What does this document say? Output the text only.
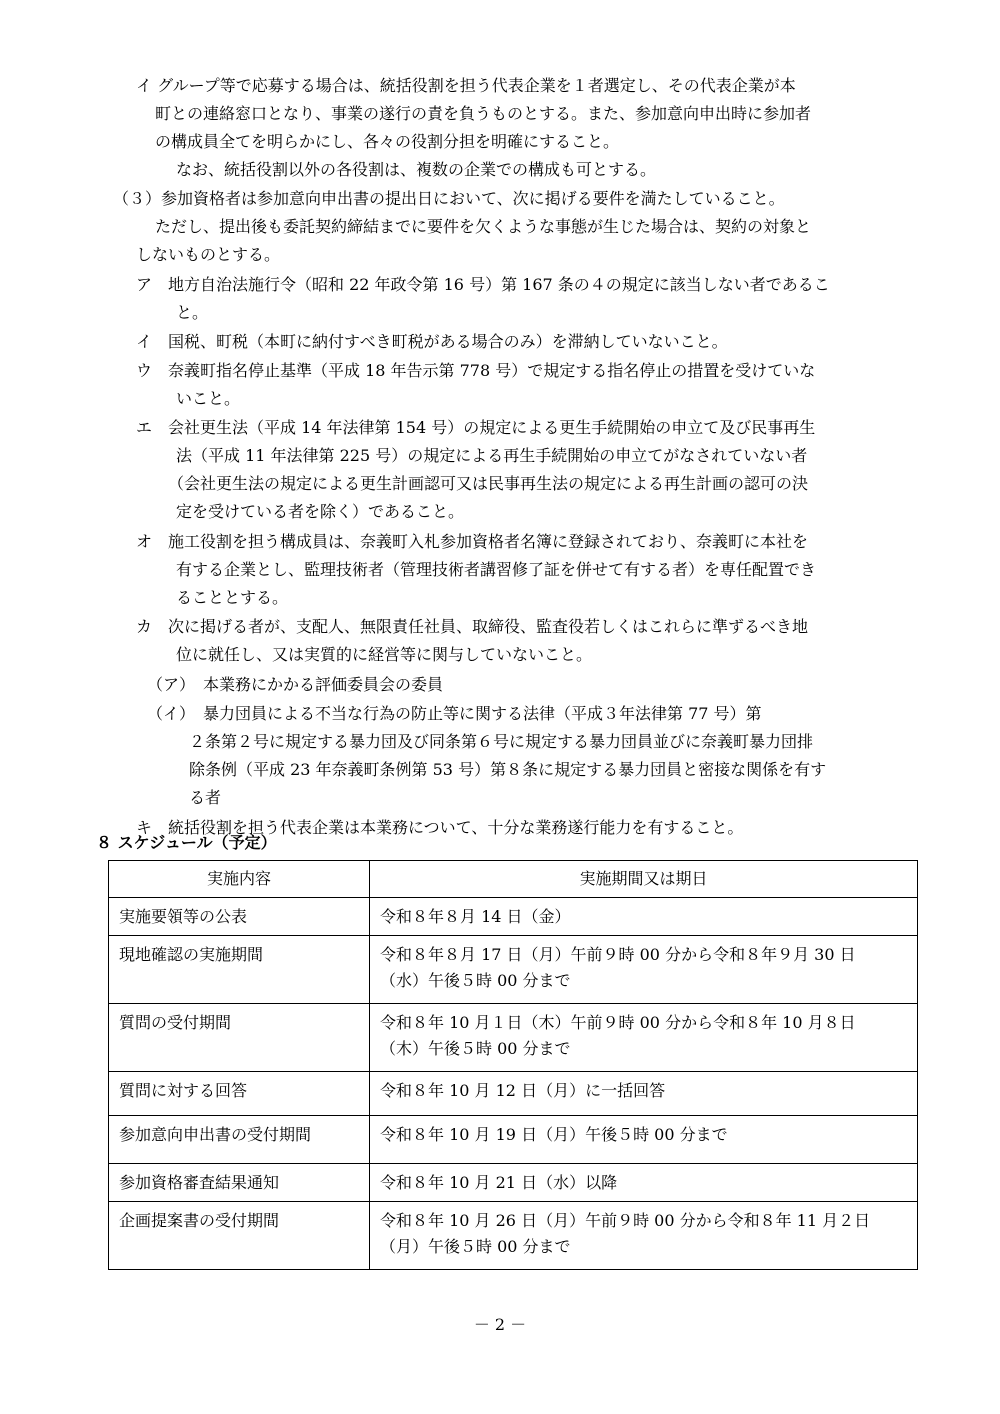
イ グループ等で応募する場合は、統括役割を担う代表企業を１者選定し、その代表企業が本
町との連絡窓口となり、事業の遂行の責を負うものとする。また、参加意向申出時に参加者
の構成員全てを明らかにし、各々の役割分担を明確にすること。
なお、統括役割以外の各役割は、複数の企業での構成も可とする。
（３）参加資格者は参加意向申出書の提出日において、次に掲げる要件を満たしていること。
ただし、提出後も委託契約締結までに要件を欠くような事態が生じた場合は、契約の対象と
しないものとする。
ア　地方自治法施行令（昭和 22 年政令第 16 号）第 167 条の４の規定に該当しない者であるこ
と。
イ　国税、町税（本町に納付すべき町税がある場合のみ）を滞納していないこと。
ウ　奈義町指名停止基準（平成 18 年告示第 778 号）で規定する指名停止の措置を受けていな
いこと。
エ　会社更生法（平成 14 年法律第 154 号）の規定による更生手続開始の申立て及び民事再生
法（平成 11 年法律第 225 号）の規定による再生手続開始の申立てがなされていない者
（会社更生法の規定による更生計画認可又は民事再生法の規定による再生計画の認可の決
定を受けている者を除く）であること。
オ　施工役割を担う構成員は、奈義町入札参加資格者名簿に登録されており、奈義町に本社を
有する企業とし、監理技術者（管理技術者講習修了証を併せて有する者）を専任配置でき
ることとする。
カ　次に掲げる者が、支配人、無限責任社員、取締役、監査役若しくはこれらに準ずるべき地
位に就任し、又は実質的に経営等に関与していないこと。
（ア）　本業務にかかる評価委員会の委員
（イ）　暴力団員による不当な行為の防止等に関する法律（平成３年法律第 77 号）第
２条第２号に規定する暴力団及び同条第６号に規定する暴力団員並びに奈義町暴力団排
除条例（平成 23 年奈義町条例第 53 号）第８条に規定する暴力団員と密接な関係を有す
る者
キ　統括役割を担う代表企業は本業務について、十分な業務遂行能力を有すること。
８ スケジュール（予定）
実施内容	実施期間又は期日
実施要領等の公表	令和８年８月 14 日（金）

現地確認の実施期間	令和８年８月 17 日（月）午前９時 00 分から令和８年９月 30 日
（水）午後５時 00 分まで

質問の受付期間	令和８年 10 月１日（木）午前９時 00 分から令和８年 10 月８日
（木）午後５時 00 分まで

質問に対する回答	令和８年 10 月 12 日（月）に一括回答

参加意向申出書の受付期間	令和８年 10 月 19 日（月）午後５時 00 分まで

参加資格審査結果通知	令和８年 10 月 21 日（水）以降

企画提案書の受付期間	令和８年 10 月 26 日（月）午前９時 00 分から令和８年 11 月２日
（月）午後５時 00 分まで
－ 2 －
